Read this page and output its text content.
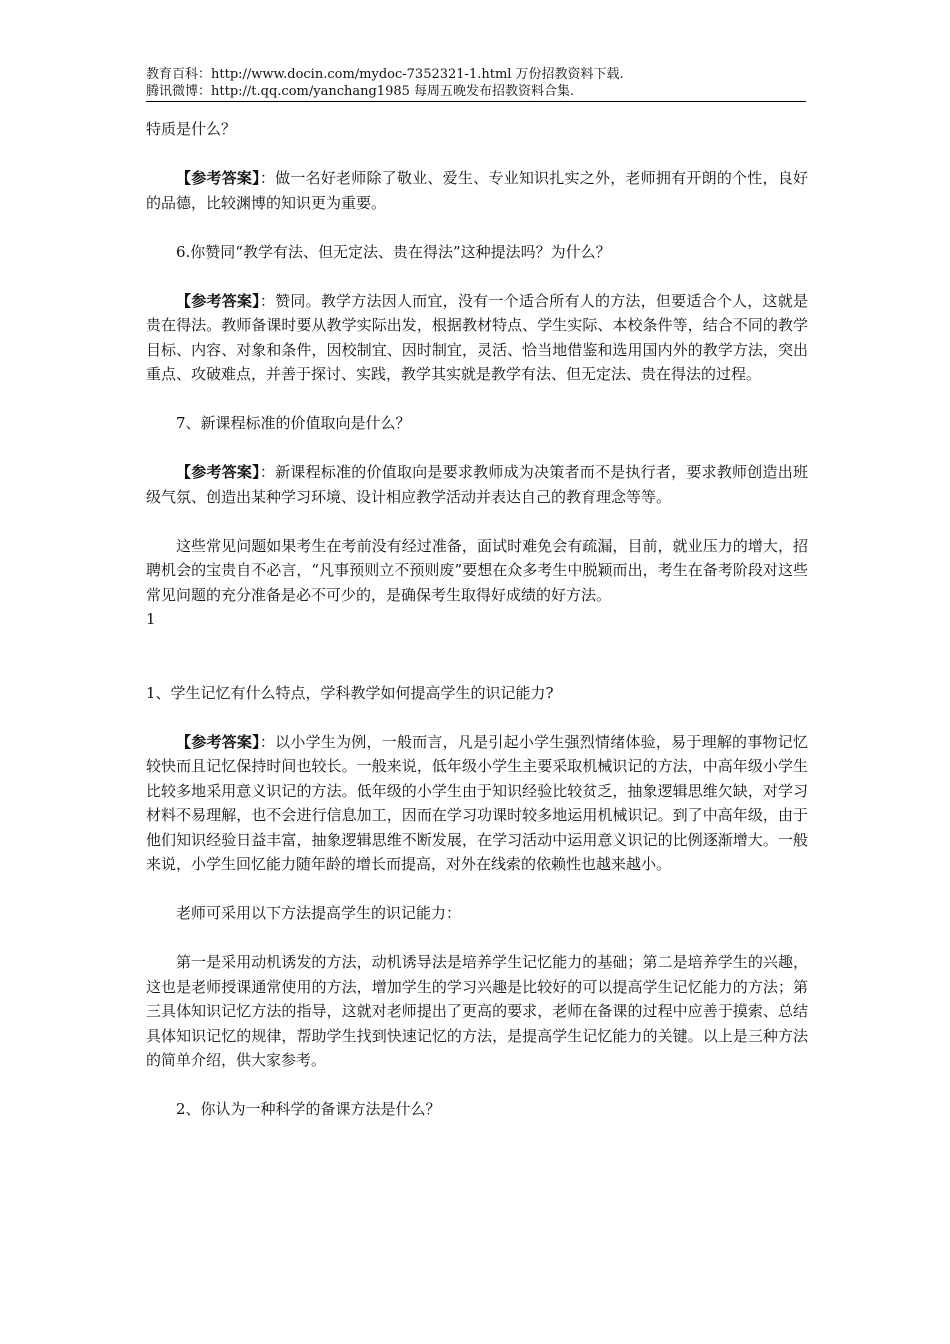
教育百科：http://www.docin.com/mydoc-7352321-1.html 万份招教资料下载.
腾讯微博：http://t.qq.com/yanchang1985 每周五晚发布招教资料合集.

特质是什么？

【参考答案】：做一名好老师除了敬业、爱生、专业知识扎实之外，老师拥有开朗的个性，良好的品德，比较渊博的知识更为重要。

6.你赞同“教学有法、但无定法、贵在得法”这种提法吗？为什么？

【参考答案】：赞同。教学方法因人而宜，没有一个适合所有人的方法，但要适合个人，这就是贵在得法。教师备课时要从教学实际出发，根据教材特点、学生实际、本校条件等，结合不同的教学目标、内容、对象和条件，因校制宜、因时制宜，灵活、恰当地借鉴和选用国内外的教学方法，突出重点、攻破难点，并善于探讨、实践，教学其实就是教学有法、但无定法、贵在得法的过程。

7、新课程标准的价值取向是什么？

【参考答案】：新课程标准的价值取向是要求教师成为决策者而不是执行者，要求教师创造出班级气氛、创造出某种学习环境、设计相应教学活动并表达自己的教育理念等等。

这些常见问题如果考生在考前没有经过准备，面试时难免会有疏漏，目前，就业压力的增大，招聘机会的宝贵自不必言，“凡事预则立不预则废”要想在众多考生中脱颖而出，考生在备考阶段对这些常见问题的充分准备是必不可少的，是确保考生取得好成绩的好方法。

1

1、学生记忆有什么特点，学科教学如何提高学生的识记能力?

【参考答案】：以小学生为例，一般而言，凡是引起小学生强烈情绪体验，易于理解的事物记忆较快而且记忆保持时间也较长。一般来说，低年级小学生主要采取机械识记的方法，中高年级小学生比较多地采用意义识记的方法。低年级的小学生由于知识经验比较贫乏，抽象逻辑思维欠缺，对学习材料不易理解，也不会进行信息加工，因而在学习功课时较多地运用机械识记。到了中高年级，由于他们知识经验日益丰富，抽象逻辑思维不断发展，在学习活动中运用意义识记的比例逐渐增大。一般来说，小学生回忆能力随年龄的增长而提高，对外在线索的依赖性也越来越小。

老师可采用以下方法提高学生的识记能力：

第一是采用动机诱发的方法，动机诱导法是培养学生记忆能力的基础；第二是培养学生的兴趣，这也是老师授课通常使用的方法，增加学生的学习兴趣是比较好的可以提高学生记忆能力的方法；第三具体知识记忆方法的指导，这就对老师提出了更高的要求，老师在备课的过程中应善于摸索、总结具体知识记忆的规律，帮助学生找到快速记忆的方法，是提高学生记忆能力的关键。以上是三种方法的简单介绍，供大家参考。

2、你认为一种科学的备课方法是什么？
